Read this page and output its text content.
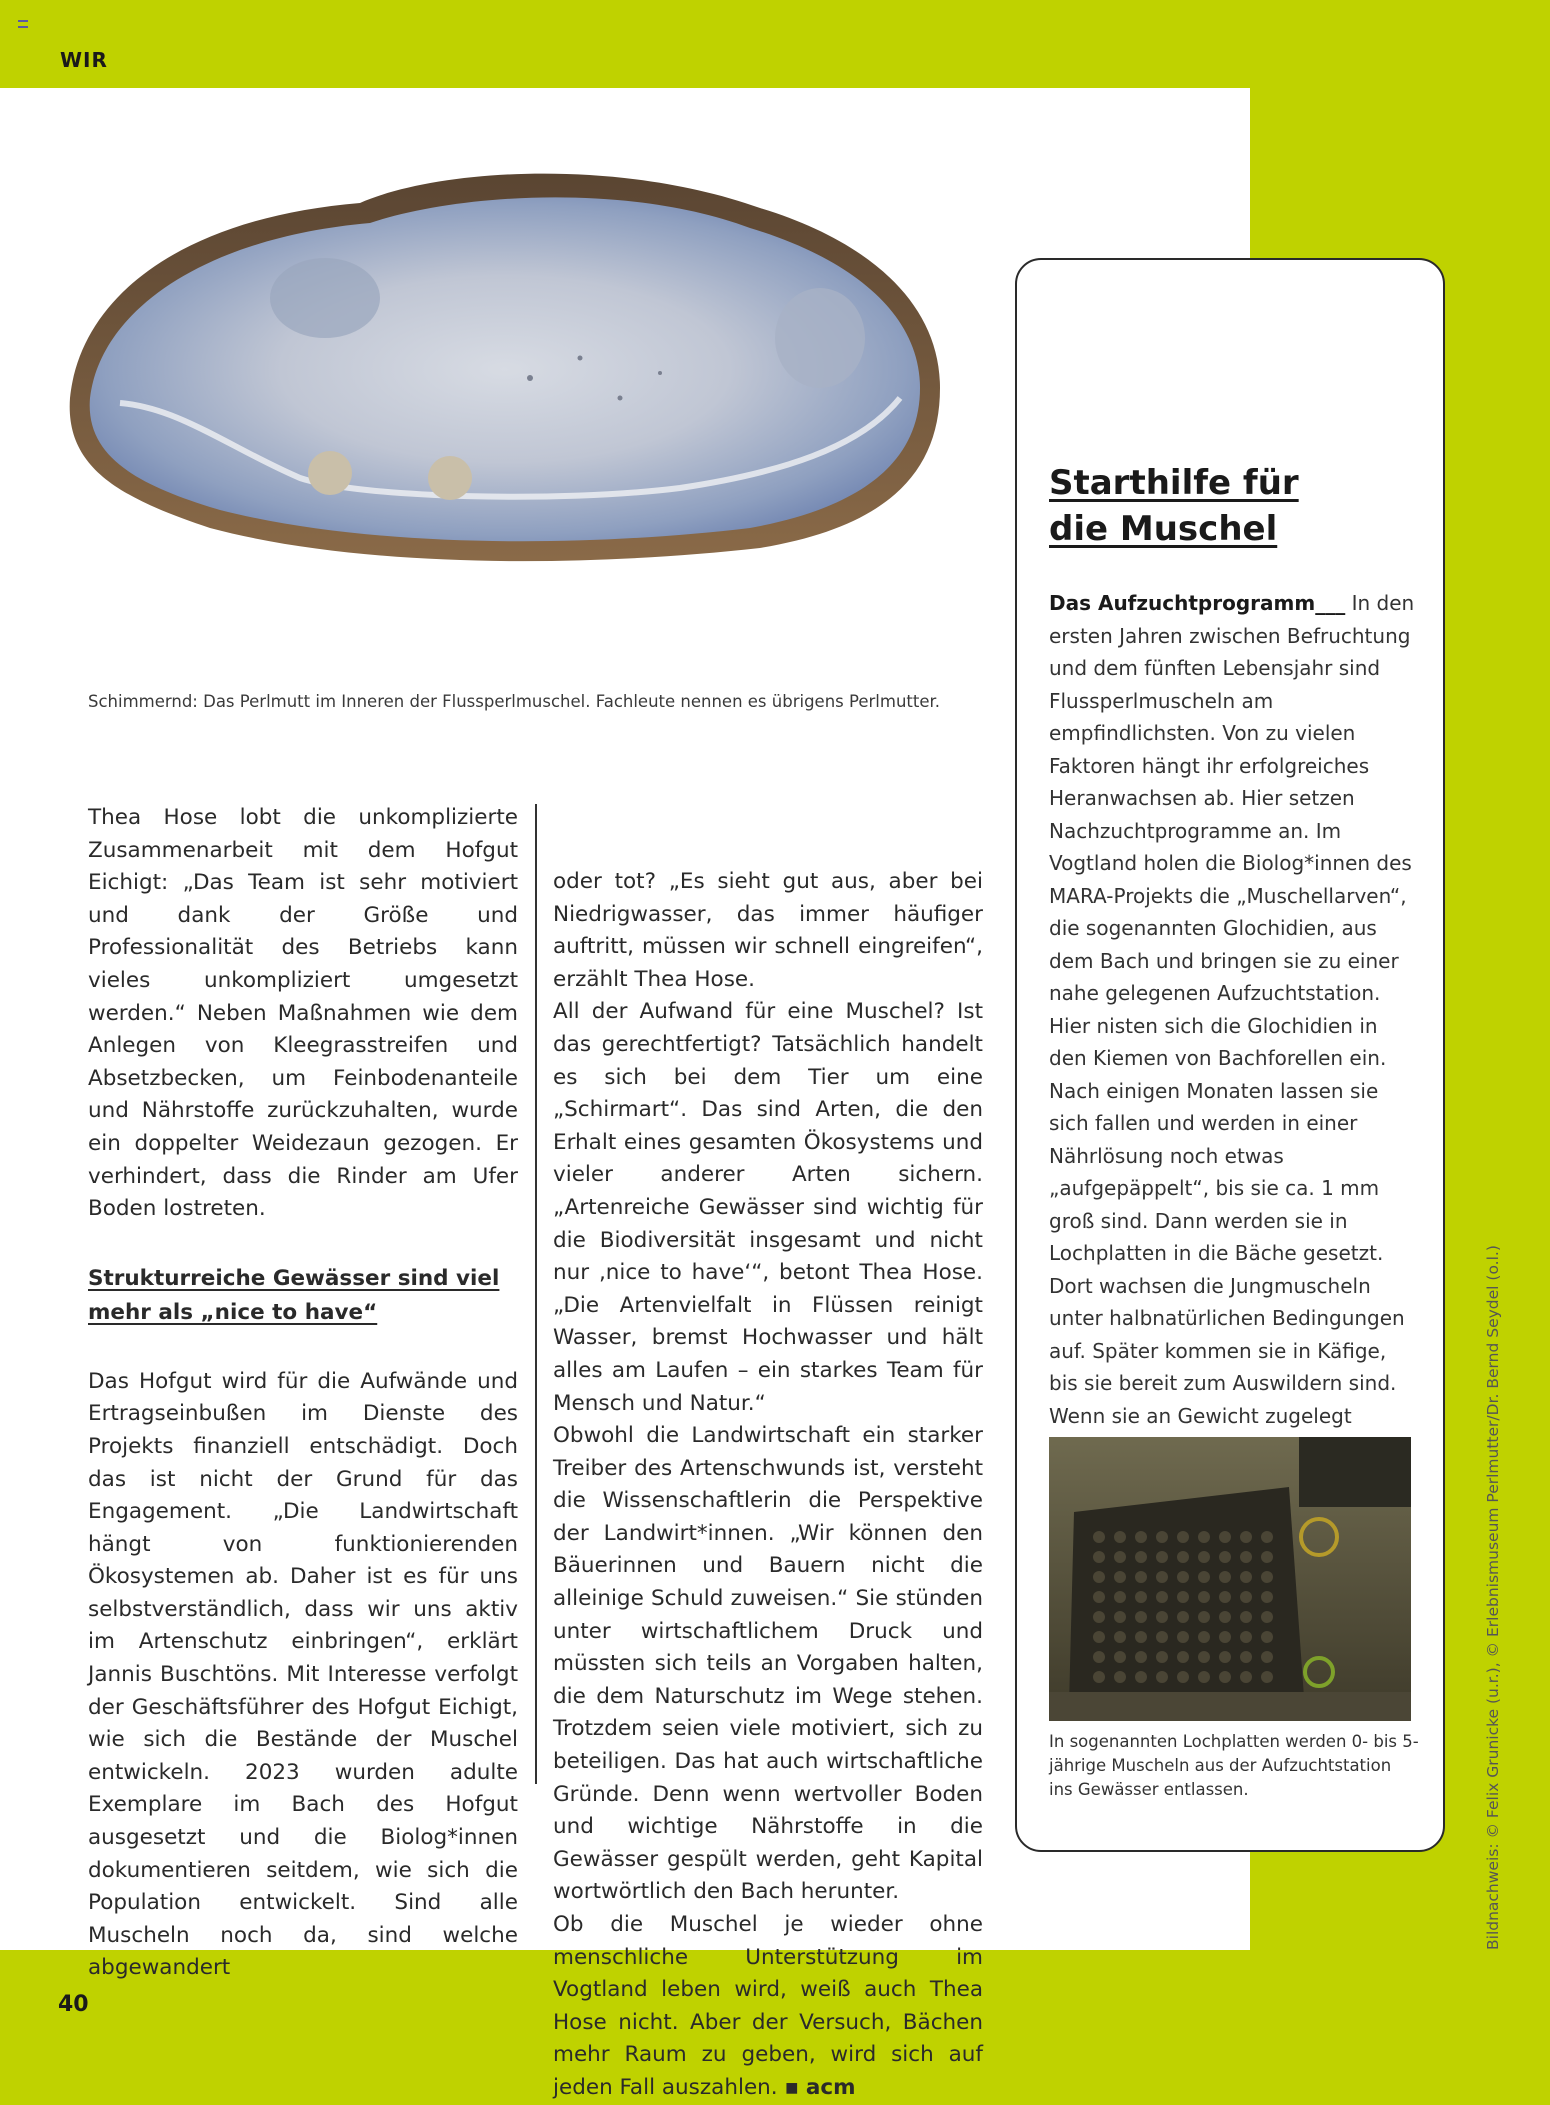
WIR
Schimmernd: Das Perlmutt im Inneren der Flussperlmuschel. Fachleute nennen es übrigens Perlmutter.

Thea Hose lobt die unkomplizierte Zusammenarbeit mit dem Hofgut Eichigt: „Das Team ist sehr motiviert und dank der Größe und Professionalität des Betriebs kann vieles unkompliziert umgesetzt werden.“ Neben Maßnahmen wie dem Anlegen von Kleegrasstreifen und Absetzbecken, um Feinbodenanteile und Nährstoffe zurückzuhalten, wurde ein doppelter Weidezaun gezogen. Er verhindert, dass die Rinder am Ufer Boden lostreten.

Strukturreiche Gewässer sind viel mehr als „nice to have“

Das Hofgut wird für die Aufwände und Ertragseinbußen im Dienste des Projekts finanziell entschädigt. Doch das ist nicht der Grund für das Engagement. „Die Landwirtschaft hängt von funktionierenden Ökosystemen ab. Daher ist es für uns selbstverständlich, dass wir uns aktiv im Artenschutz einbringen“, erklärt Jannis Buschtöns. Mit Interesse verfolgt der Geschäftsführer des Hofgut Eichigt, wie sich die Bestände der Muschel entwickeln. 2023 wurden adulte Exemplare im Bach des Hofgut ausgesetzt und die Biolog*innen dokumentieren seitdem, wie sich die Population entwickelt. Sind alle Muscheln noch da, sind welche abgewandert

oder tot? „Es sieht gut aus, aber bei Niedrigwasser, das immer häufiger auftritt, müssen wir schnell eingreifen“, erzählt Thea Hose.

All der Aufwand für eine Muschel? Ist das gerechtfertigt? Tatsächlich handelt es sich bei dem Tier um eine „Schirmart“. Das sind Arten, die den Erhalt eines gesamten Ökosystems und vieler anderer Arten sichern. „Artenreiche Gewässer sind wichtig für die Biodiversität insgesamt und nicht nur ‚nice to have‘“, betont Thea Hose. „Die Artenvielfalt in Flüssen reinigt Wasser, bremst Hochwasser und hält alles am Laufen – ein starkes Team für Mensch und Natur.“

Obwohl die Landwirtschaft ein starker Treiber des Artenschwunds ist, versteht die Wissenschaftlerin die Perspektive der Landwirt*innen. „Wir können den Bäuerinnen und Bauern nicht die alleinige Schuld zuweisen.“ Sie stünden unter wirtschaftlichem Druck und müssten sich teils an Vorgaben halten, die dem Naturschutz im Wege stehen. Trotzdem seien viele motiviert, sich zu beteiligen. Das hat auch wirtschaftliche Gründe. Denn wenn wertvoller Boden und wichtige Nährstoffe in die Gewässer gespült werden, geht Kapital wortwörtlich den Bach herunter.

Ob die Muschel je wieder ohne menschliche Unterstützung im Vogtland leben wird, weiß auch Thea Hose nicht. Aber der Versuch, Bächen mehr Raum zu geben, wird sich auf jeden Fall auszahlen. ▪ acm

Starthilfe für
die Muschel
Das Aufzuchtprogramm___ In den ersten Jahren zwischen Befruchtung und dem fünften Lebensjahr sind Flussperlmuscheln am empfindlichsten. Von zu vielen Faktoren hängt ihr erfolgreiches Heranwachsen ab. Hier setzen Nachzuchtprogramme an. Im Vogtland holen die Biolog*innen des MARA-Projekts die „Muschellarven“, die sogenannten Glochidien, aus dem Bach und bringen sie zu einer nahe gelegenen Aufzuchtstation. Hier nisten sich die Glochidien in den Kiemen von Bachforellen ein. Nach einigen Monaten lassen sie sich fallen und werden in einer Nährlösung noch etwas „aufgepäppelt“, bis sie ca. 1 mm groß sind. Dann werden sie in Lochplatten in die Bäche gesetzt. Dort wachsen die Jungmuscheln unter halbnatürlichen Bedingungen auf. Später kommen sie in Käfige, bis sie bereit zum Auswildern sind. Wenn sie an Gewicht zugelegt
In sogenannten Lochplatten werden 0- bis 5-jährige Muscheln aus der Aufzuchtstation ins Gewässer entlassen.	Bildnachweis: © Felix Grunicke (u.r.), © Erlebnismuseum Perlmutter/Dr. Bernd Seydel (o.l.)
40
